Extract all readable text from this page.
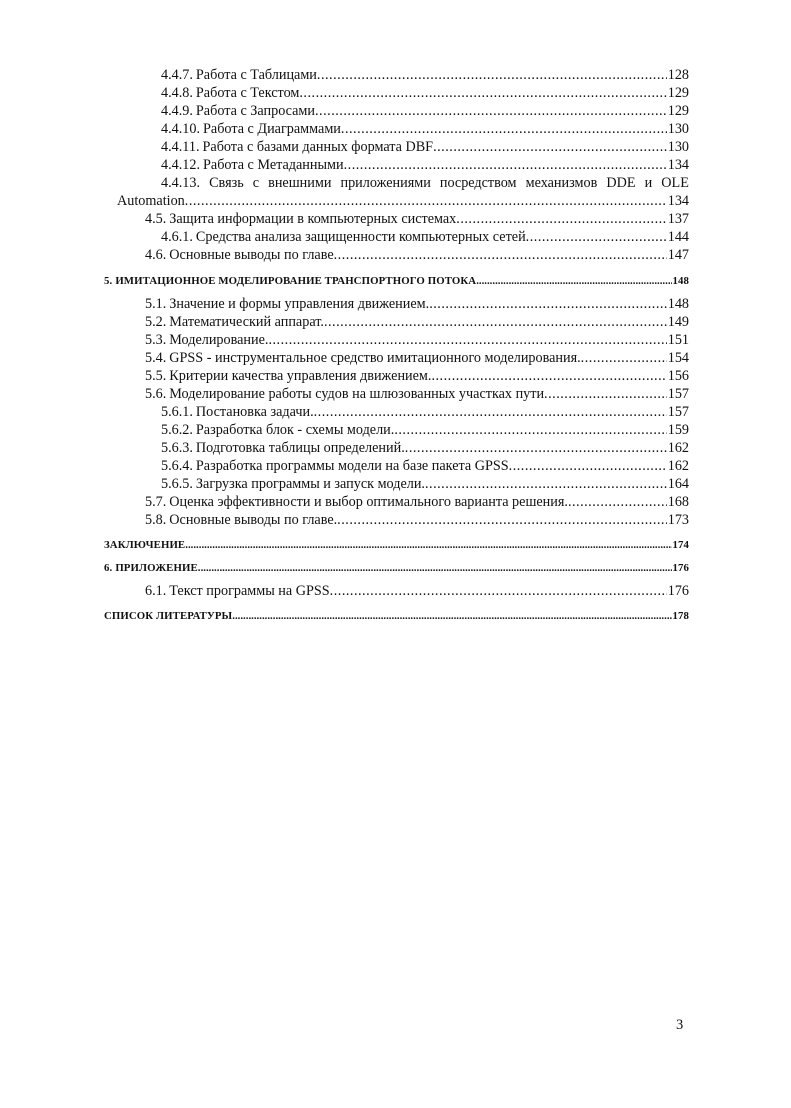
4.4.7. Работа с Таблицами .....	128
4.4.8. Работа с Текстом .....	129
4.4.9. Работа с Запросами .....	129
4.4.10. Работа с Диаграммами .....	130
4.4.11. Работа с базами данных формата DBF .....	130
4.4.12. Работа с Метаданными .....	134
4.4.13. Связь с внешними приложениями посредством механизмов DDE и OLE
Automation .....	134
4.5. Защита информации в компьютерных системах .....	137
4.6.1. Средства анализа защищенности компьютерных сетей .....	144
4.6. Основные выводы по главе .....	147
5. ИМИТАЦИОННОЕ МОДЕЛИРОВАНИЕ ТРАНСПОРТНОГО ПОТОКА .....	148
5.1. Значение и формы управления движением. .....	148
5.2. Математический аппарат. .....	149
5.3. Моделирование. .....	151
5.4. GPSS - инструментальное средство имитационного моделирования. .....	154
5.5. Критерии качества управления движением. .....	156
5.6. Моделирование работы судов на шлюзованных участках пути .....	157
5.6.1. Постановка задачи. .....	157
5.6.2. Разработка блок - схемы модели. .....	159
5.6.3. Подготовка таблицы определений. .....	162
5.6.4. Разработка программы модели на базе пакета GPSS .....	162
5.6.5. Загрузка программы и запуск модели. .....	164
5.7. Оценка эффективности и выбор оптимального варианта решения. .....	168
5.8. Основные выводы по главе. .....	173
ЗАКЛЮЧЕНИЕ .....	174
6. ПРИЛОЖЕНИЕ. .....	176
6.1. Текст программы на GPSS .....	176
СПИСОК ЛИТЕРАТУРЫ .....	178
3
